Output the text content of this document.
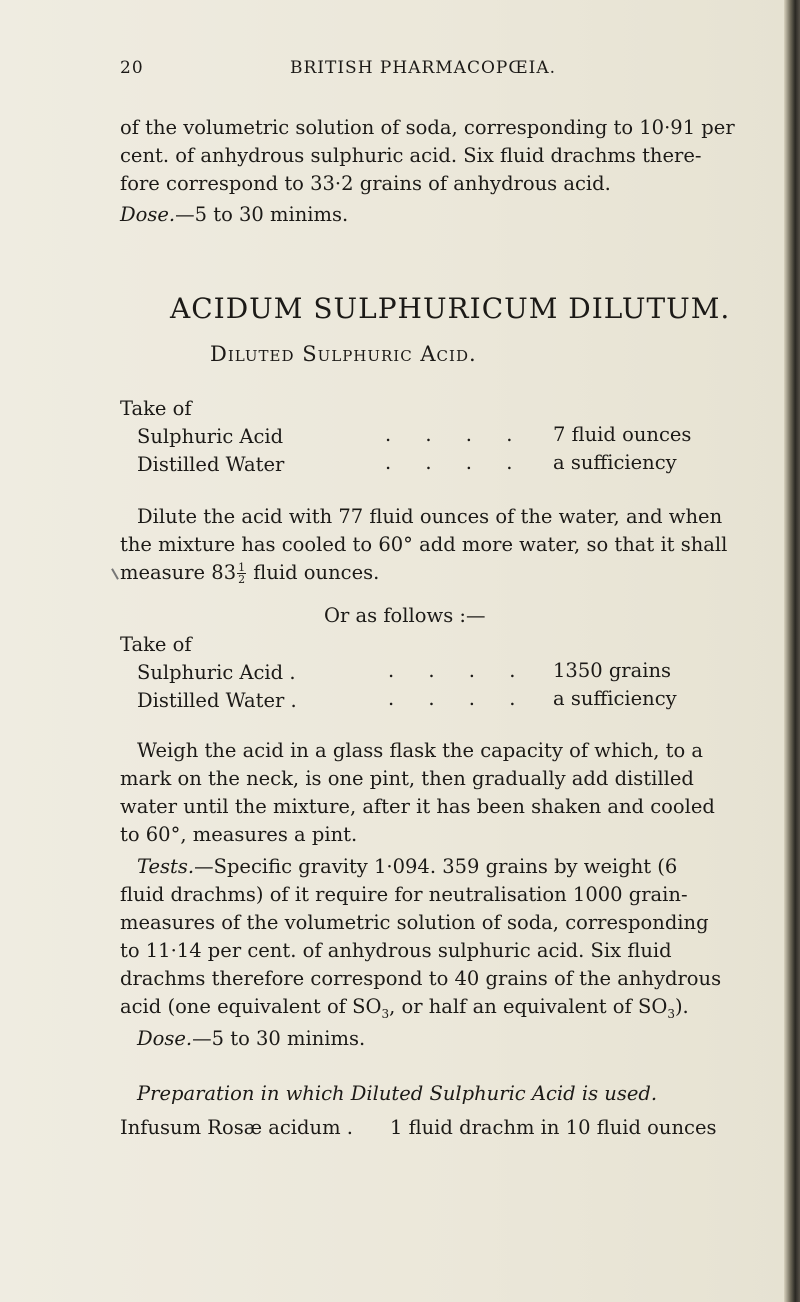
20	BRITISH PHARMACOPŒIA.
of the volumetric solution of soda, corresponding to 10·91 per
cent. of anhydrous sulphuric acid. Six fluid drachms there-
fore correspond to 33·2 grains of anhydrous acid.
Dose.—5 to 30 minims.
ACIDUM SULPHURICUM DILUTUM.
Diluted Sulphuric Acid.
Take of
Sulphuric Acid	. . . . 7 fluid ounces
Distilled Water	. . . . a sufficiency
Dilute the acid with 77 fluid ounces of the water, and when
the mixture has cooled to 60° add more water, so that it shall
measure $83 \frac{1}{2}$ fluid ounces.
Or as follows :—
Take of
Sulphuric Acid .	. . . . 1350 grains
Distilled Water .	. . . . a sufficiency
Weigh the acid in a glass flask the capacity of which, to a
mark on the neck, is one pint, then gradually add distilled
water until the mixture, after it has been shaken and cooled
to 60°, measures a pint.
Tests.—Specific gravity 1·094. 359 grains by weight (6
fluid drachms) of it require for neutralisation 1000 grain-
measures of the volumetric solution of soda, corresponding
to 11·14 per cent. of anhydrous sulphuric acid. Six fluid
drachms therefore correspond to 40 grains of the anhydrous
acid (one equivalent of $SO_3$, or half an equivalent of $SO_3$).
Dose.—5 to 30 minims.
Preparation in which Diluted Sulphuric Acid is used.
Infusum Rosæ acidum . 1 fluid drachm in 10 fluid ounces
